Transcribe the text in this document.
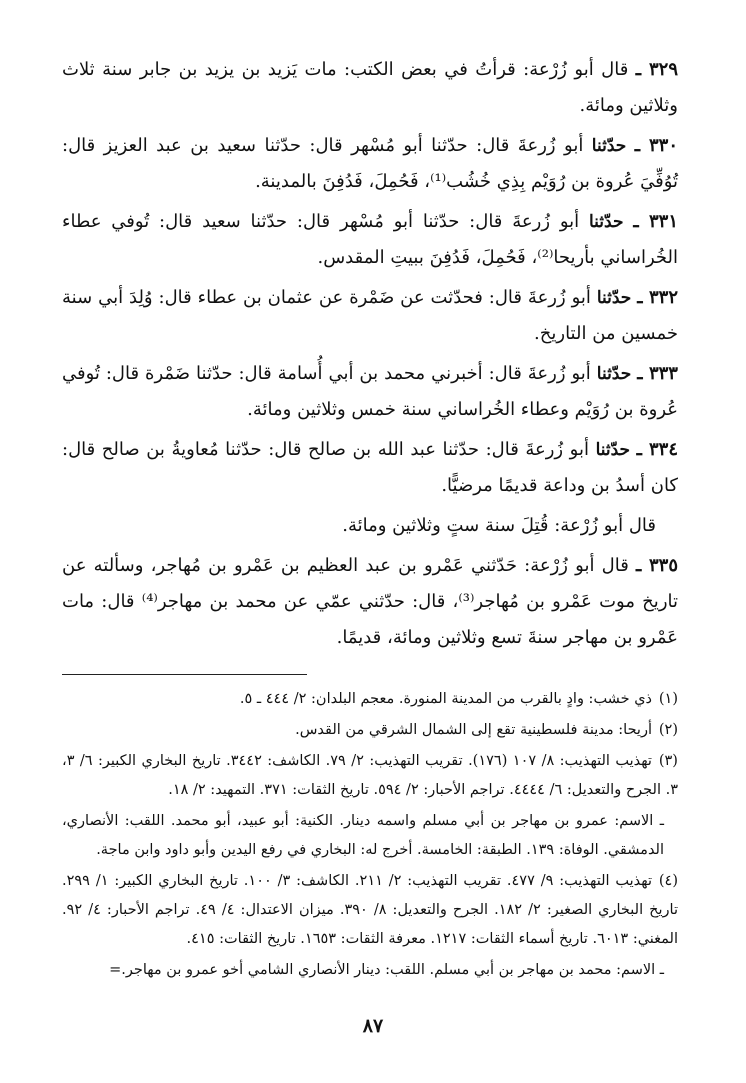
٣٢٩ ـ قال أبو زُرْعة: قرأتُ في بعض الكتب: مات يَزيد بن يزيد بن جابر سنة ثلاث وثلاثين ومائة.

٣٣٠ ـ حدّثنا أبو زُرعةَ قال: حدّثنا أبو مُسْهر قال: حدّثنا سعيد بن عبد العزيز قال: تُوُفِّيَ عُروة بن رُوَيْم بِذِي خُشُب⁽¹⁾، فَحُمِلَ، فَدُفِنَ بالمدينة.

٣٣١ ـ حدّثنا أبو زُرعةَ قال: حدّثنا أبو مُسْهر قال: حدّثنا سعيد قال: تُوفي عطاء الخُراساني بأريحا⁽²⁾، فَحُمِلَ، فَدُفِنَ ببيتِ المقدس.

٣٣٢ ـ حدّثنا أبو زُرعةَ قال: فحدّثت عن ضَمْرة عن عثمان بن عطاء قال: وُلِدَ أبي سنة خمسين من التاريخ.

٣٣٣ ـ حدّثنا أبو زُرعةَ قال: أخبرني محمد بن أبي أُسامة قال: حدّثنا ضَمْرة قال: تُوفي عُروة بن رُوَيْم وعطاء الخُراساني سنة خمس وثلاثين ومائة.

٣٣٤ ـ حدّثنا أبو زُرعةَ قال: حدّثنا عبد الله بن صالح قال: حدّثنا مُعاويةُ بن صالح قال: كان أسدُ بن وداعة قديمًا مرضيًّا.

قال أبو زُرْعة: قُتِلَ سنة ستٍ وثلاثين ومائة.

٣٣٥ ـ قال أبو زُرْعة: حَدّثني عَمْرو بن عبد العظيم بن عَمْرو بن مُهاجر، وسألته عن تاريخ موت عَمْرو بن مُهاجر⁽³⁾، قال: حدّثني عمّي عن محمد بن مهاجر⁽⁴⁾ قال: مات عَمْرو بن مهاجر سنةَ تسع وثلاثين ومائة، قديمًا.

(١)ذي خشب: وادٍ بالقرب من المدينة المنورة. معجم البلدان: ٢/ ٤٤٤ ـ ٥.

(٢)أريحا: مدينة فلسطينية تقع إلى الشمال الشرقي من القدس.

(٣)تهذيب التهذيب: ٨/ ١٠٧ (١٧٦). تقريب التهذيب: ٢/ ٧٩. الكاشف: ٣٤٤٢. تاريخ البخاري الكبير: ٦/ ٣، ٣. الجرح والتعديل: ٦/ ٤٤٤٤. تراجم الأحبار: ٢/ ٥٩٤. تاريخ الثقات: ٣٧١. التمهيد: ٢/ ١٨.

ـ الاسم: عمرو بن مهاجر بن أبي مسلم واسمه دينار. الكنية: أبو عبيد، أبو محمد. اللقب: الأنصاري، الدمشقي. الوفاة: ١٣٩. الطبقة: الخامسة. أخرج له: البخاري في رفع اليدين وأبو داود وابن ماجة.

(٤)تهذيب التهذيب: ٩/ ٤٧٧. تقريب التهذيب: ٢/ ٢١١. الكاشف: ٣/ ١٠٠. تاريخ البخاري الكبير: ١/ ٢٩٩. تاريخ البخاري الصغير: ٢/ ١٨٢. الجرح والتعديل: ٨/ ٣٩٠. ميزان الاعتدال: ٤/ ٤٩. تراجم الأحبار: ٤/ ٩٢. المغني: ٦٠١٣. تاريخ أسماء الثقات: ١٢١٧. معرفة الثقات: ١٦٥٣. تاريخ الثقات: ٤١٥.

ـ الاسم: محمد بن مهاجر بن أبي مسلم. اللقب: دينار الأنصاري الشامي أخو عمرو بن مهاجر.=

٨٧
